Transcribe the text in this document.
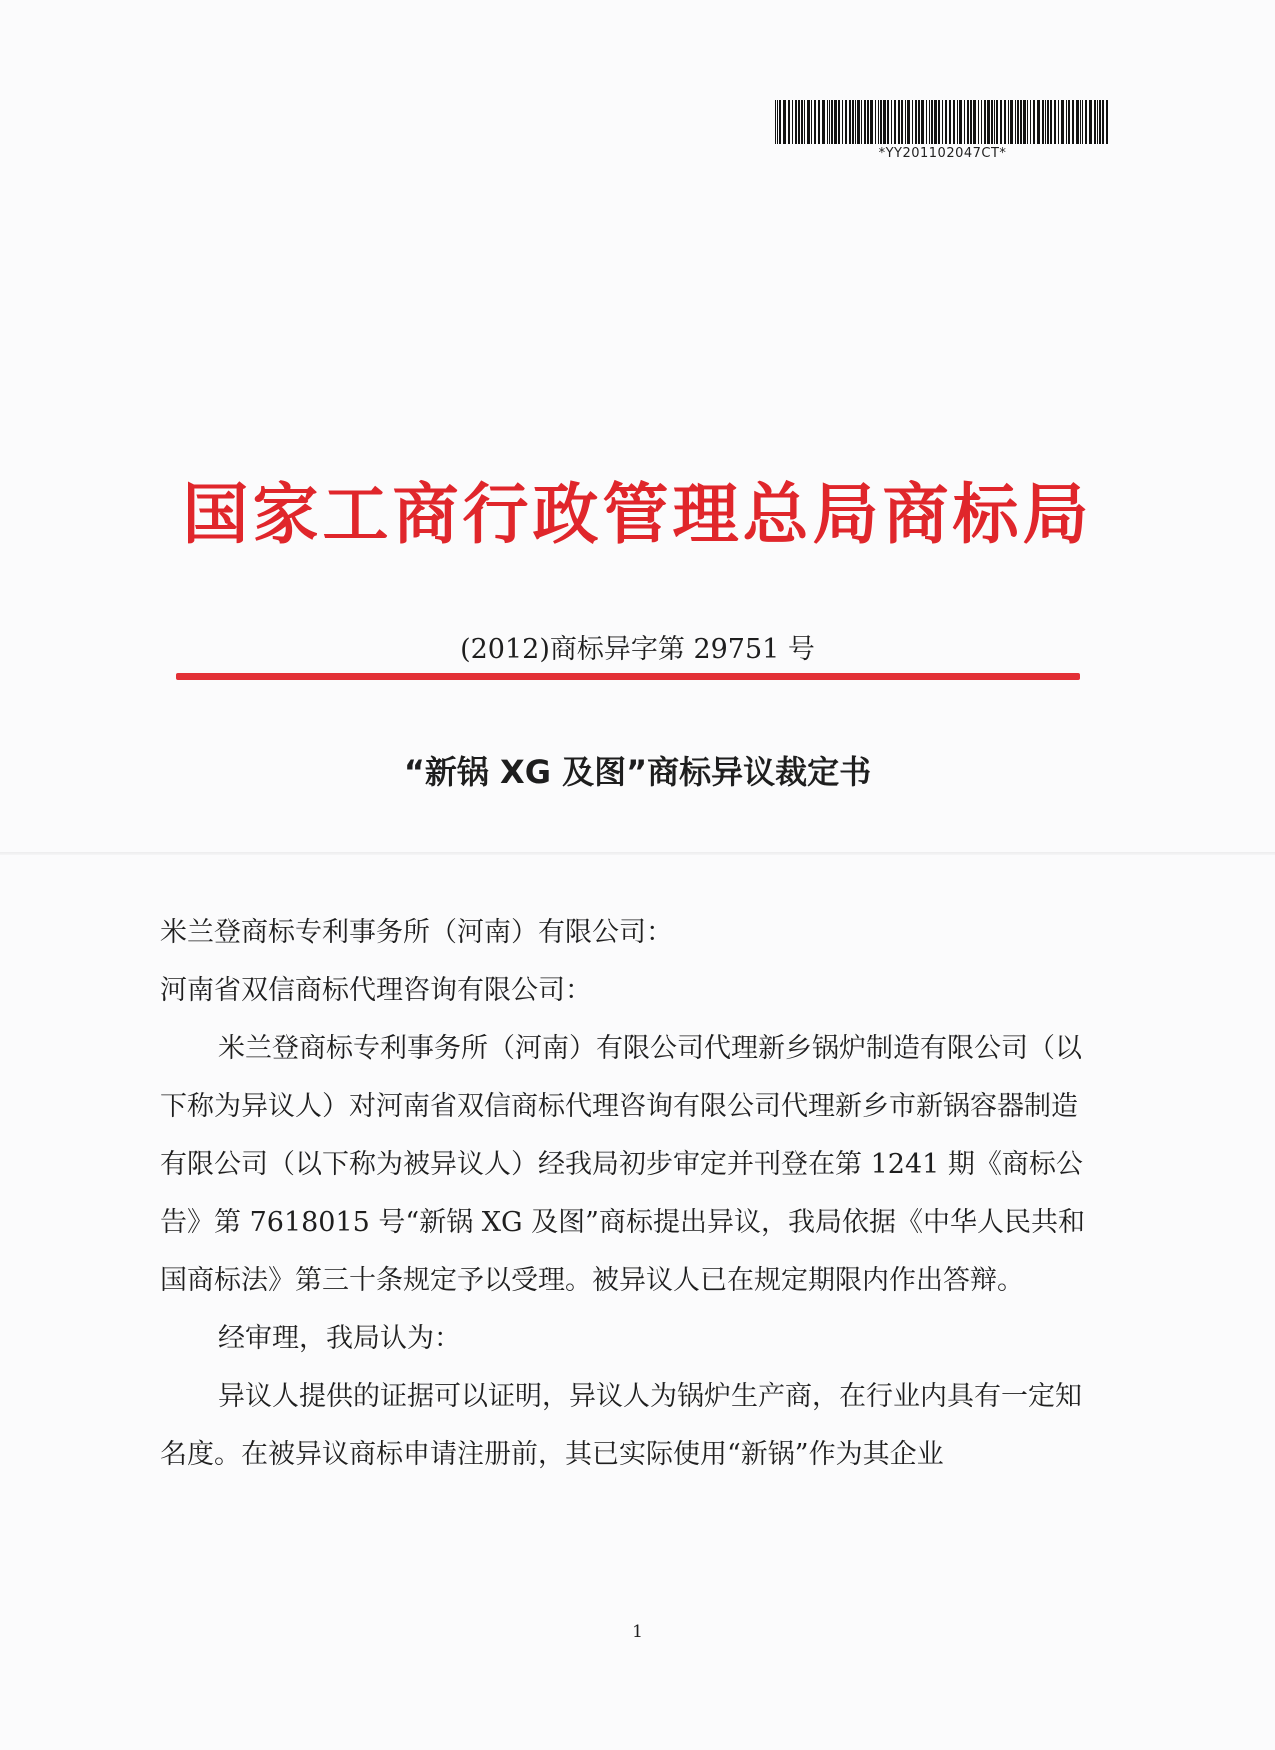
*YY201102047CT*
国家工商行政管理总局商标局
(2012)商标异字第 29751 号
“新锅 XG 及图”商标异议裁定书

米兰登商标专利事务所（河南）有限公司：

河南省双信商标代理咨询有限公司：

米兰登商标专利事务所（河南）有限公司代理新乡锅炉制造有限公司（以下称为异议人）对河南省双信商标代理咨询有限公司代理新乡市新锅容器制造有限公司（以下称为被异议人）经我局初步审定并刊登在第 1241 期《商标公告》第 7618015 号“新锅 XG 及图”商标提出异议，我局依据《中华人民共和国商标法》第三十条规定予以受理。被异议人已在规定期限内作出答辩。

经审理，我局认为：

异议人提供的证据可以证明，异议人为锅炉生产商，在行业内具有一定知名度。在被异议商标申请注册前，其已实际使用“新锅”作为其企业

1
